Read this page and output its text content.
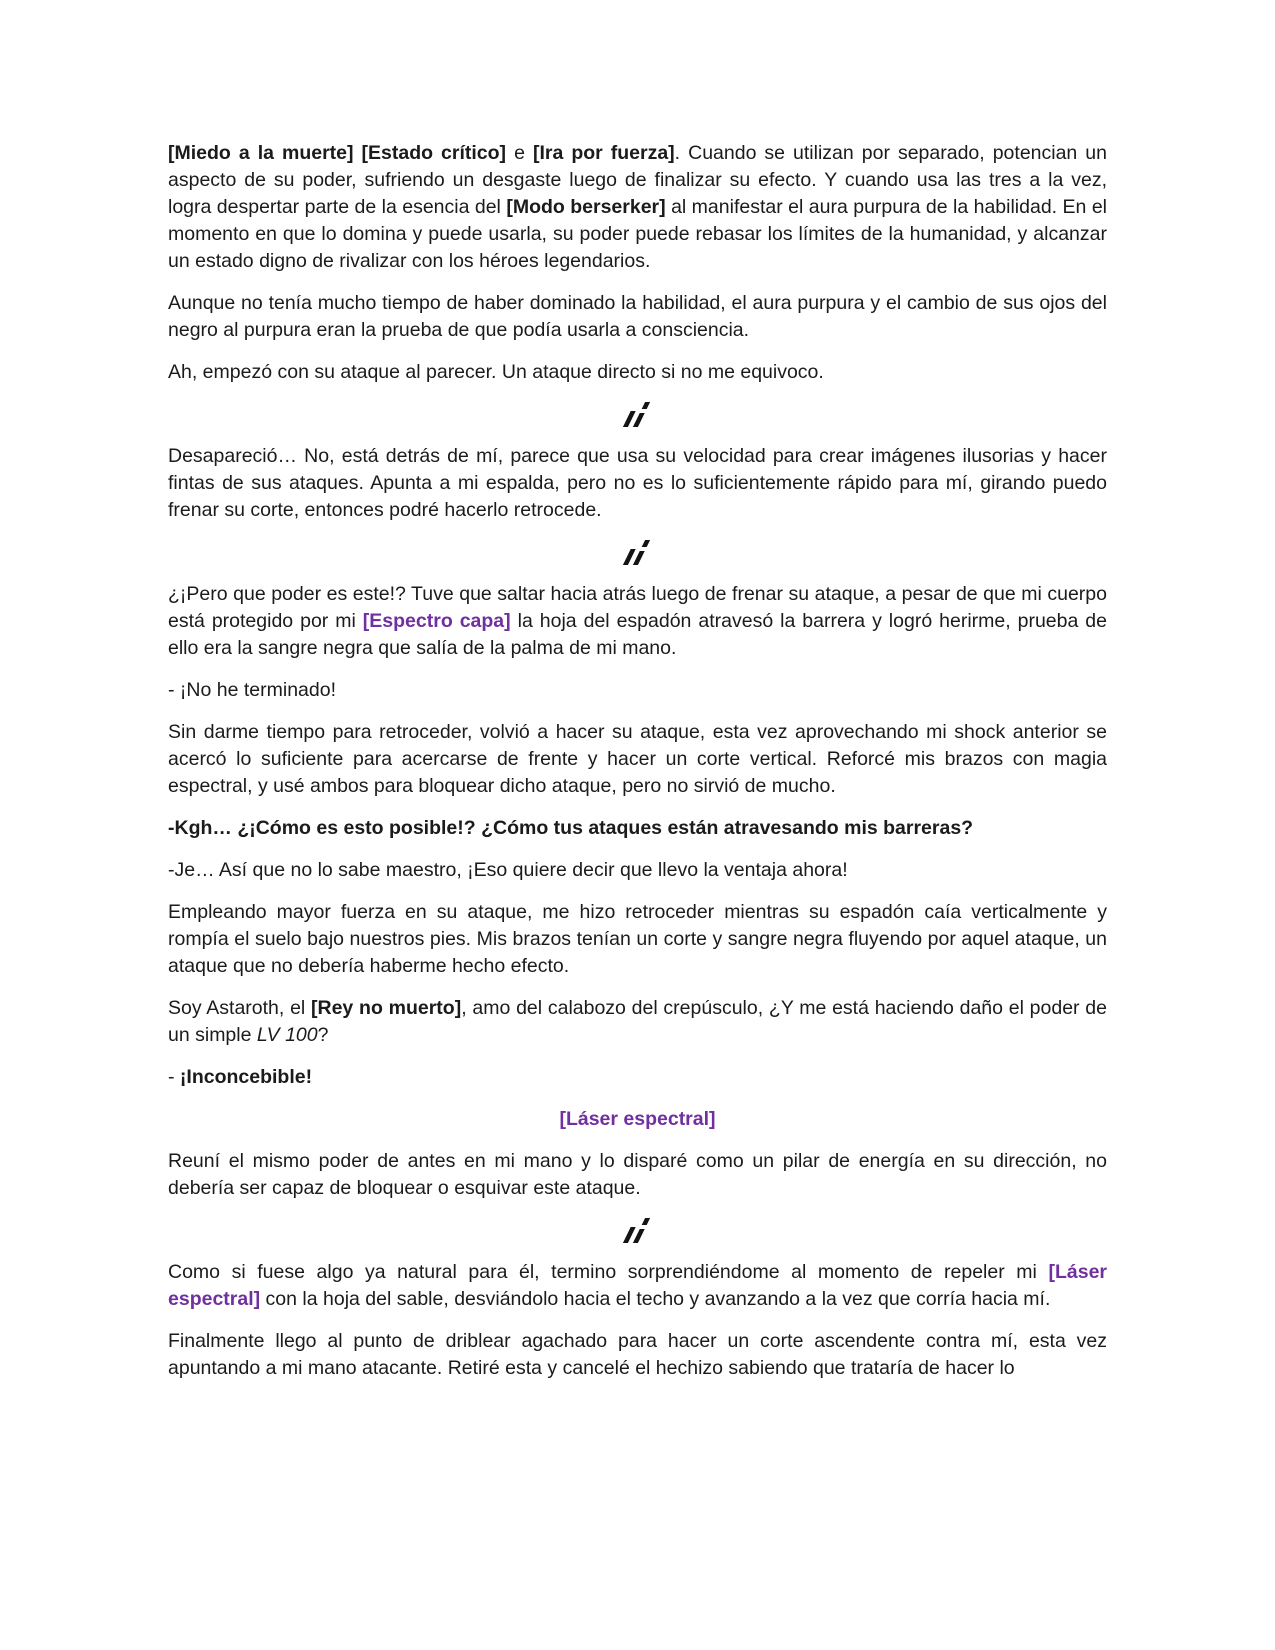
[Miedo a la muerte] [Estado crítico] e [Ira por fuerza]. Cuando se utilizan por separado, potencian un aspecto de su poder, sufriendo un desgaste luego de finalizar su efecto. Y cuando usa las tres a la vez, logra despertar parte de la esencia del [Modo berserker] al manifestar el aura purpura de la habilidad. En el momento en que lo domina y puede usarla, su poder puede rebasar los límites de la humanidad, y alcanzar un estado digno de rivalizar con los héroes legendarios.

Aunque no tenía mucho tiempo de haber dominado la habilidad, el aura purpura y el cambio de sus ojos del negro al purpura eran la prueba de que podía usarla a consciencia.

Ah, empezó con su ataque al parecer. Un ataque directo si no me equivoco.

Desapareció… No, está detrás de mí, parece que usa su velocidad para crear imágenes ilusorias y hacer fintas de sus ataques. Apunta a mi espalda, pero no es lo suficientemente rápido para mí, girando puedo frenar su corte, entonces podré hacerlo retrocede.

¿¡Pero que poder es este!? Tuve que saltar hacia atrás luego de frenar su ataque, a pesar de que mi cuerpo está protegido por mi [Espectro capa] la hoja del espadón atravesó la barrera y logró herirme, prueba de ello era la sangre negra que salía de la palma de mi mano.

- ¡No he terminado!

Sin darme tiempo para retroceder, volvió a hacer su ataque, esta vez aprovechando mi shock anterior se acercó lo suficiente para acercarse de frente y hacer un corte vertical. Reforcé mis brazos con magia espectral, y usé ambos para bloquear dicho ataque, pero no sirvió de mucho.

-Kgh… ¿¡Cómo es esto posible!? ¿Cómo tus ataques están atravesando mis barreras?

-Je… Así que no lo sabe maestro, ¡Eso quiere decir que llevo la ventaja ahora!

Empleando mayor fuerza en su ataque, me hizo retroceder mientras su espadón caía verticalmente y rompía el suelo bajo nuestros pies. Mis brazos tenían un corte y sangre negra fluyendo por aquel ataque, un ataque que no debería haberme hecho efecto.

Soy Astaroth, el [Rey no muerto], amo del calabozo del crepúsculo, ¿Y me está haciendo daño el poder de un simple LV 100?

- ¡Inconcebible!

[Láser espectral]

Reuní el mismo poder de antes en mi mano y lo disparé como un pilar de energía en su dirección, no debería ser capaz de bloquear o esquivar este ataque.

Como si fuese algo ya natural para él, termino sorprendiéndome al momento de repeler mi [Láser espectral] con la hoja del sable, desviándolo hacia el techo y avanzando a la vez que corría hacia mí.

Finalmente llego al punto de driblear agachado para hacer un corte ascendente contra mí, esta vez apuntando a mi mano atacante. Retiré esta y cancelé el hechizo sabiendo que trataría de hacer lo
